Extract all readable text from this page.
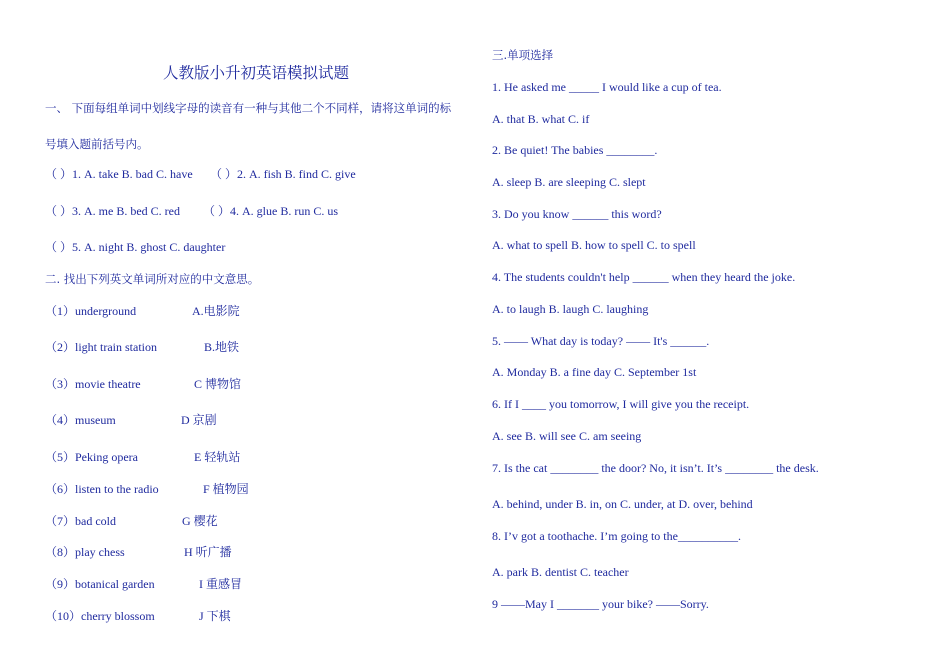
人教版小升初英语模拟试题
一、 下面每组单词中划线字母的读音有一种与其他二个不同样，请将这单词的标
号填入题前括号内。
（ ）1. A. take B. bad C. have （ ）2. A. fish B. find C. give
（ ）3. A. me B. bed C. red （ ）4. A. glue B. run C. us
（ ）5. A. night B. ghost C. daughter
二. 找出下列英文单词所对应的中文意思。
（1）underground	A.电影院
（2）light train station	B.地铁
（3）movie theatre	C 博物馆
（4）museum	D 京剧
（5）Peking opera	E 轻轨站
（6）listen to the radio	F 植物园
（7）bad cold	G 樱花
（8）play chess	H 听广播
（9）botanical garden	I 重感冒
（10）cherry blossom	J 下棋
三.单项选择
1. He asked me _____ I would like a cup of tea.
A. that B. what C. if
2. Be quiet! The babies ________.
A. sleep B. are sleeping C. slept
3. Do you know ______ this word?
A. what to spell B. how to spell C. to spell
4. The students couldn't help ______ when they heard the joke.
A. to laugh B. laugh C. laughing
5. —— What day is today? —— It's ______.
A. Monday B. a fine day C. September 1st
6. If I ____ you tomorrow, I will give you the receipt.
A. see B. will see C. am seeing
7. Is the cat ________ the door? No, it isn’t. It’s ________ the desk.
A. behind, under B. in, on C. under, at D. over, behind
8. I’v got a toothache. I’m going to the__________.
A. park B. dentist C. teacher
9 ——May I _______ your bike? ——Sorry.
